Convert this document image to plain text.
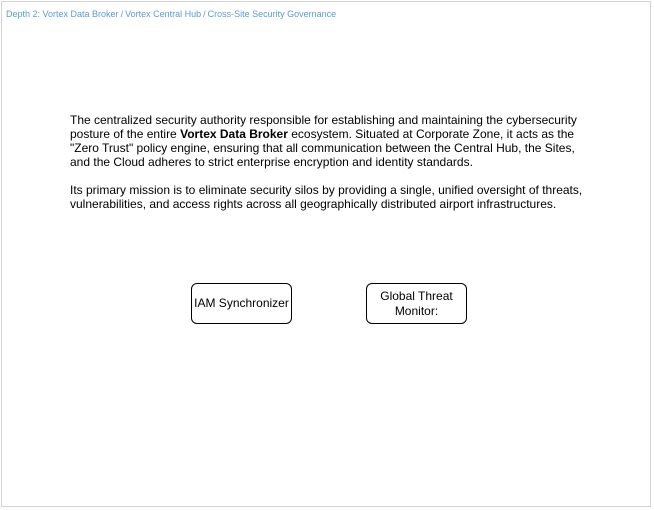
Depth 2: Vortex Data Broker / Vortex Central Hub / Cross-Site Security Governance

The centralized security authority responsible for establishing and maintaining the cybersecurity posture of the entire Vortex Data Broker ecosystem. Situated at Corporate Zone, it acts as the "Zero Trust" policy engine, ensuring that all communication between the Central Hub, the Sites, and the Cloud adheres to strict enterprise encryption and identity standards.

Its primary mission is to eliminate security silos by providing a single, unified oversight of threats, vulnerabilities, and access rights across all geographically distributed airport infrastructures.

IAM Synchronizer
Global Threat Monitor:
